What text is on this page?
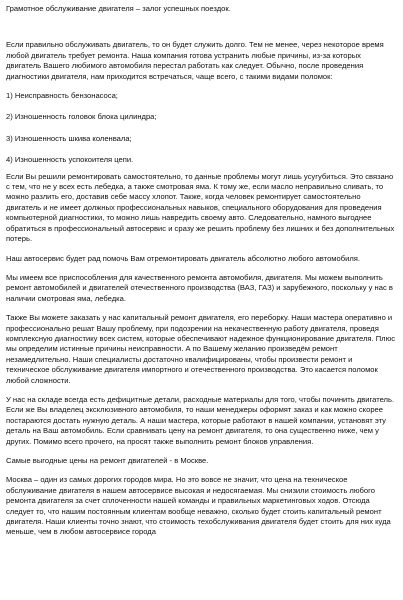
Грамотное обслуживание двигателя – залог успешных поездок.

Если правильно обслуживать двигатель, то он будет служить долго. Тем не менее, через некоторое время любой двигатель требует ремонта. Наша компания готова устранить любые причины, из-за которых двигатель Вашего любимого автомобиля перестал работать как следует. Обычно, после проведения диагностики двигателя, нам приходится встречаться, чаще всего, с такими видами поломок:

1) Неисправность бензонасоса;

2) Изношенность головок блока цилиндра;

3) Изношенность шкива коленвала;

4) Изношенность успокоителя цепи.

Если Вы решили ремонтировать самостоятельно, то данные проблемы могут лишь усугубиться. Это связано с тем, что не у всех есть лебедка, а также смотровая яма. К тому же, если масло неправильно сливать, то можно разлить его, доставив себе массу хлопот. Также, когда человек ремонтирует самостоятельно двигатель и не имеет должных профессиональных навыков, специального оборудования для проведения компьютерной диагностики, то можно лишь навредить своему авто. Следовательно, намного выгоднее обратиться в профессиональный автосервис и сразу же решить проблему без лишних и без дополнительных потерь.

Наш автосервис будет рад помочь Вам отремонтировать двигатель абсолютно любого автомобиля.

Мы имеем все приспособления для качественного ремонта автомобиля, двигателя. Мы можем выполнить ремонт автомобилей и двигателей отечественного производства (ВАЗ, ГАЗ) и зарубежного, поскольку у нас в наличии смотровая яма, лебедка.

Также Вы можете заказать у нас капитальный ремонт двигателя, его переборку. Наши мастера оперативно и профессионально решат Вашу проблему, при подозрении на некачественную работу двигателя, проведя комплексную диагностику всех систем, которые обеспечивают надежное функционирование двигателя. Плюс мы определим истинные причины неисправности. А по Вашему желанию произведём ремонт незамедлительно. Наши специалисты достаточно квалифицированы, чтобы произвести ремонт и техническое обслуживание двигателя импортного и отечественного производства. Это касается поломок любой сложности.

У нас на складе всегда есть дефицитные детали, расходные материалы для того, чтобы починить двигатель. Если же Вы владелец эксклюзивного автомобиля, то наши менеджеры оформят заказ и как можно скорее постараются достать нужную деталь. А наши мастера, которые работают в нашей компании, установят эту деталь на Ваш автомобиль. Если сравнивать цену на ремонт двигателя, то она существенно ниже, чем у других. Помимо всего прочего, на просят также выполнить ремонт блоков управления.

Самые выгодные цены на ремонт двигателей - в Москве.

Москва – один из самых дорогих городов мира. Но это вовсе не значит, что цена на техническое обслуживание двигателя в нашем автосервисе высокая и недосягаемая. Мы снизили стоимость любого ремонта двигателя за счет сплоченности нашей команды и правильных маркетинговых ходов. Отсюда следует то, что нашим постоянным клиентам вообще неважно, сколько будет стоить капитальный ремонт двигателя. Наши клиенты точно знают, что стоимость техобслуживания двигателя будет стоить для них куда меньше, чем в любом автосервисе города
